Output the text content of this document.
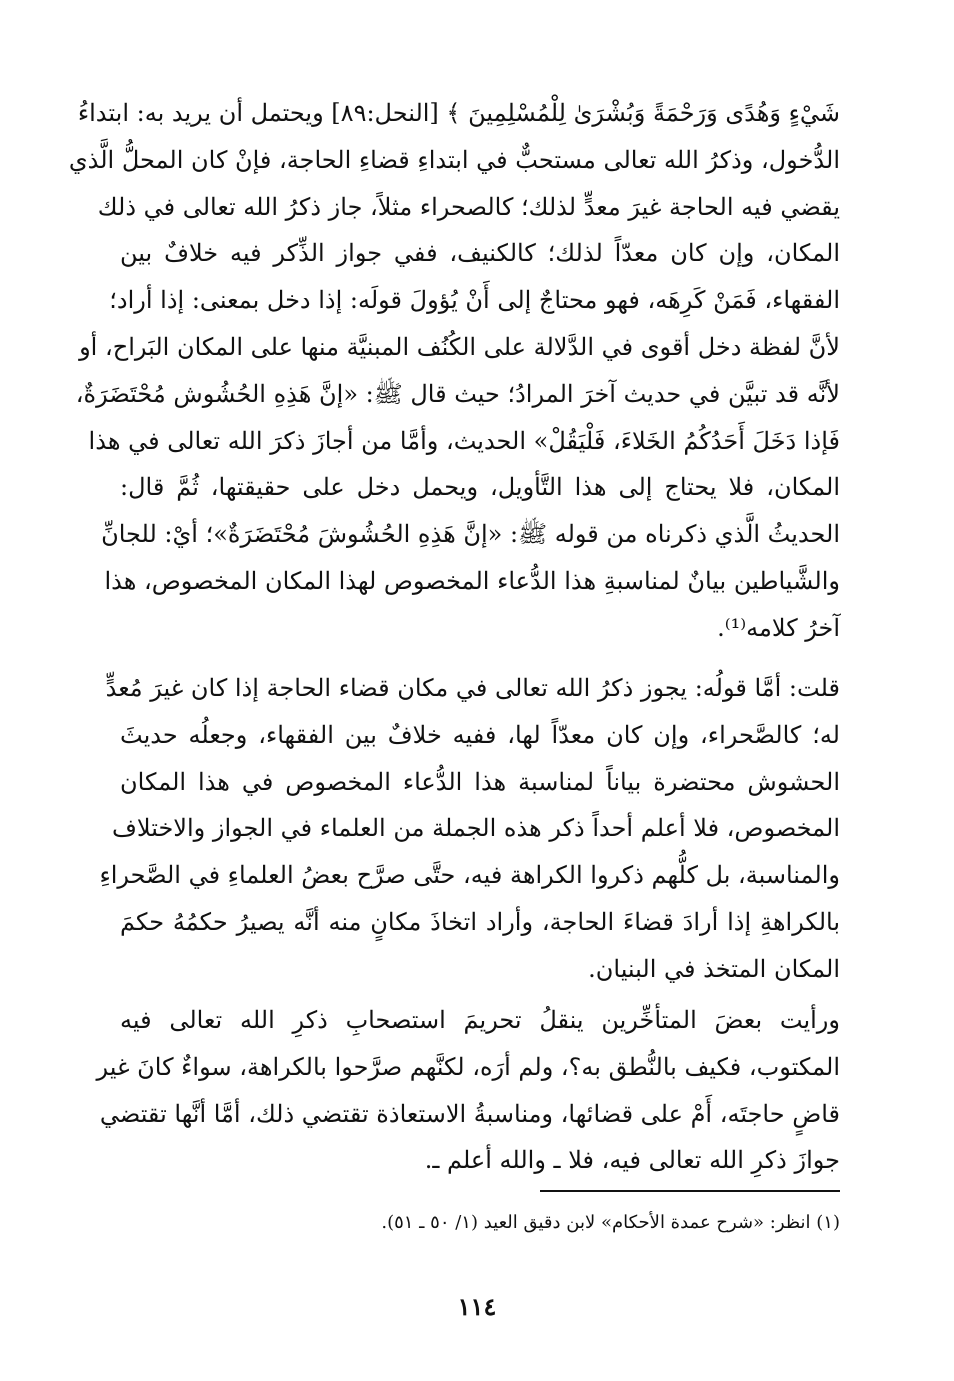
شَيْءٍ وَهُدًى وَرَحْمَةً وَبُشْرَىٰ لِلْمُسْلِمِينَ ﴾ [النحل:٨٩] ويحتمل أن يريد به: ابتداءُ
الدُّخول، وذكرُ الله تعالى مستحبٌّ في ابتداءِ قضاءِ الحاجة، فإنْ كان المحلُّ الَّذي
يقضي فيه الحاجة غيرَ معدٍّ لذلك؛ كالصحراء مثلاً، جاز ذكرُ الله تعالى في ذلك
المكان، وإن كان معدّاً لذلك؛ كالكنيف، ففي جواز الذِّكر فيه خلافٌ بين
الفقهاء، فَمَنْ كَرِهَه، فهو محتاجٌ إلى أَنْ يُؤولَ قولَه: إذا دخل بمعنى: إذا أراد؛
لأنَّ لفظة دخل أقوى في الدَّلالة على الكُنُف المبنيَّة منها على المكان البَراح، أو
لأنَّه قد تبيَّن في حديث آخرَ المرادُ؛ حيث قال ﷺ: «إنَّ هَذِهِ الحُشُوش مُحْتَضَرَةٌ،
فَإذا دَخَلَ أَحَدُكُمُ الخَلاءَ، فَلْيَقُلْ» الحديث، وأمَّا من أجازَ ذكرَ الله تعالى في هذا
المكان، فلا يحتاج إلى هذا التَّأويل، ويحمل دخل على حقيقتها، ثُمَّ قال:
الحديثُ الَّذي ذكرناه من قوله ﷺ: «إنَّ هَذِهِ الحُشُوشَ مُحْتَضَرَةٌ»؛ أيْ: للجانِّ
والشَّياطين بيانٌ لمناسبةِ هذا الدُّعاء المخصوص لهذا المكان المخصوص، هذا
آخرُ كلامه⁽¹⁾.
قلت: أمَّا قولُه: يجوز ذكرُ الله تعالى في مكان قضاء الحاجة إذا كان غيرَ مُعدٍّ
له؛ كالصَّحراء، وإن كان معدّاً لها، ففيه خلافٌ بين الفقهاء، وجعلُه حديثَ
الحشوش محتضرة بياناً لمناسبة هذا الدُّعاء المخصوص في هذا المكان
المخصوص، فلا أعلم أحداً ذكر هذه الجملة من العلماء في الجواز والاختلاف
والمناسبة، بل كلُّهم ذكروا الكراهة فيه، حتَّى صرَّح بعضُ العلماءِ في الصَّحراءِ
بالكراهةِ إذا أرادَ قضاءَ الحاجة، وأراد اتخاذَ مكانٍ منه أنَّه يصيرُ حكمُهُ حكمَ
المكان المتخذ في البنيان.
ورأيت بعضَ المتأخِّرين ينقلُ تحريمَ استصحابِ ذكرِ الله تعالى فيه
المكتوب، فكيف بالنُّطق به؟، ولم أرَه، لكنَّهم صرَّحوا بالكراهة، سواءٌ كانَ غير
قاضٍ حاجتَه، أَمْ على قضائها، ومناسبةُ الاستعاذة تقتضي ذلك، أمَّا أنَّها تقتضي
جوازَ ذكرِ الله تعالى فيه، فلا ـ والله أعلم ـ.
(١) انظر: «شرح عمدة الأحكام» لابن دقيق العيد (١/ ٥٠ ـ ٥١).
١١٤
